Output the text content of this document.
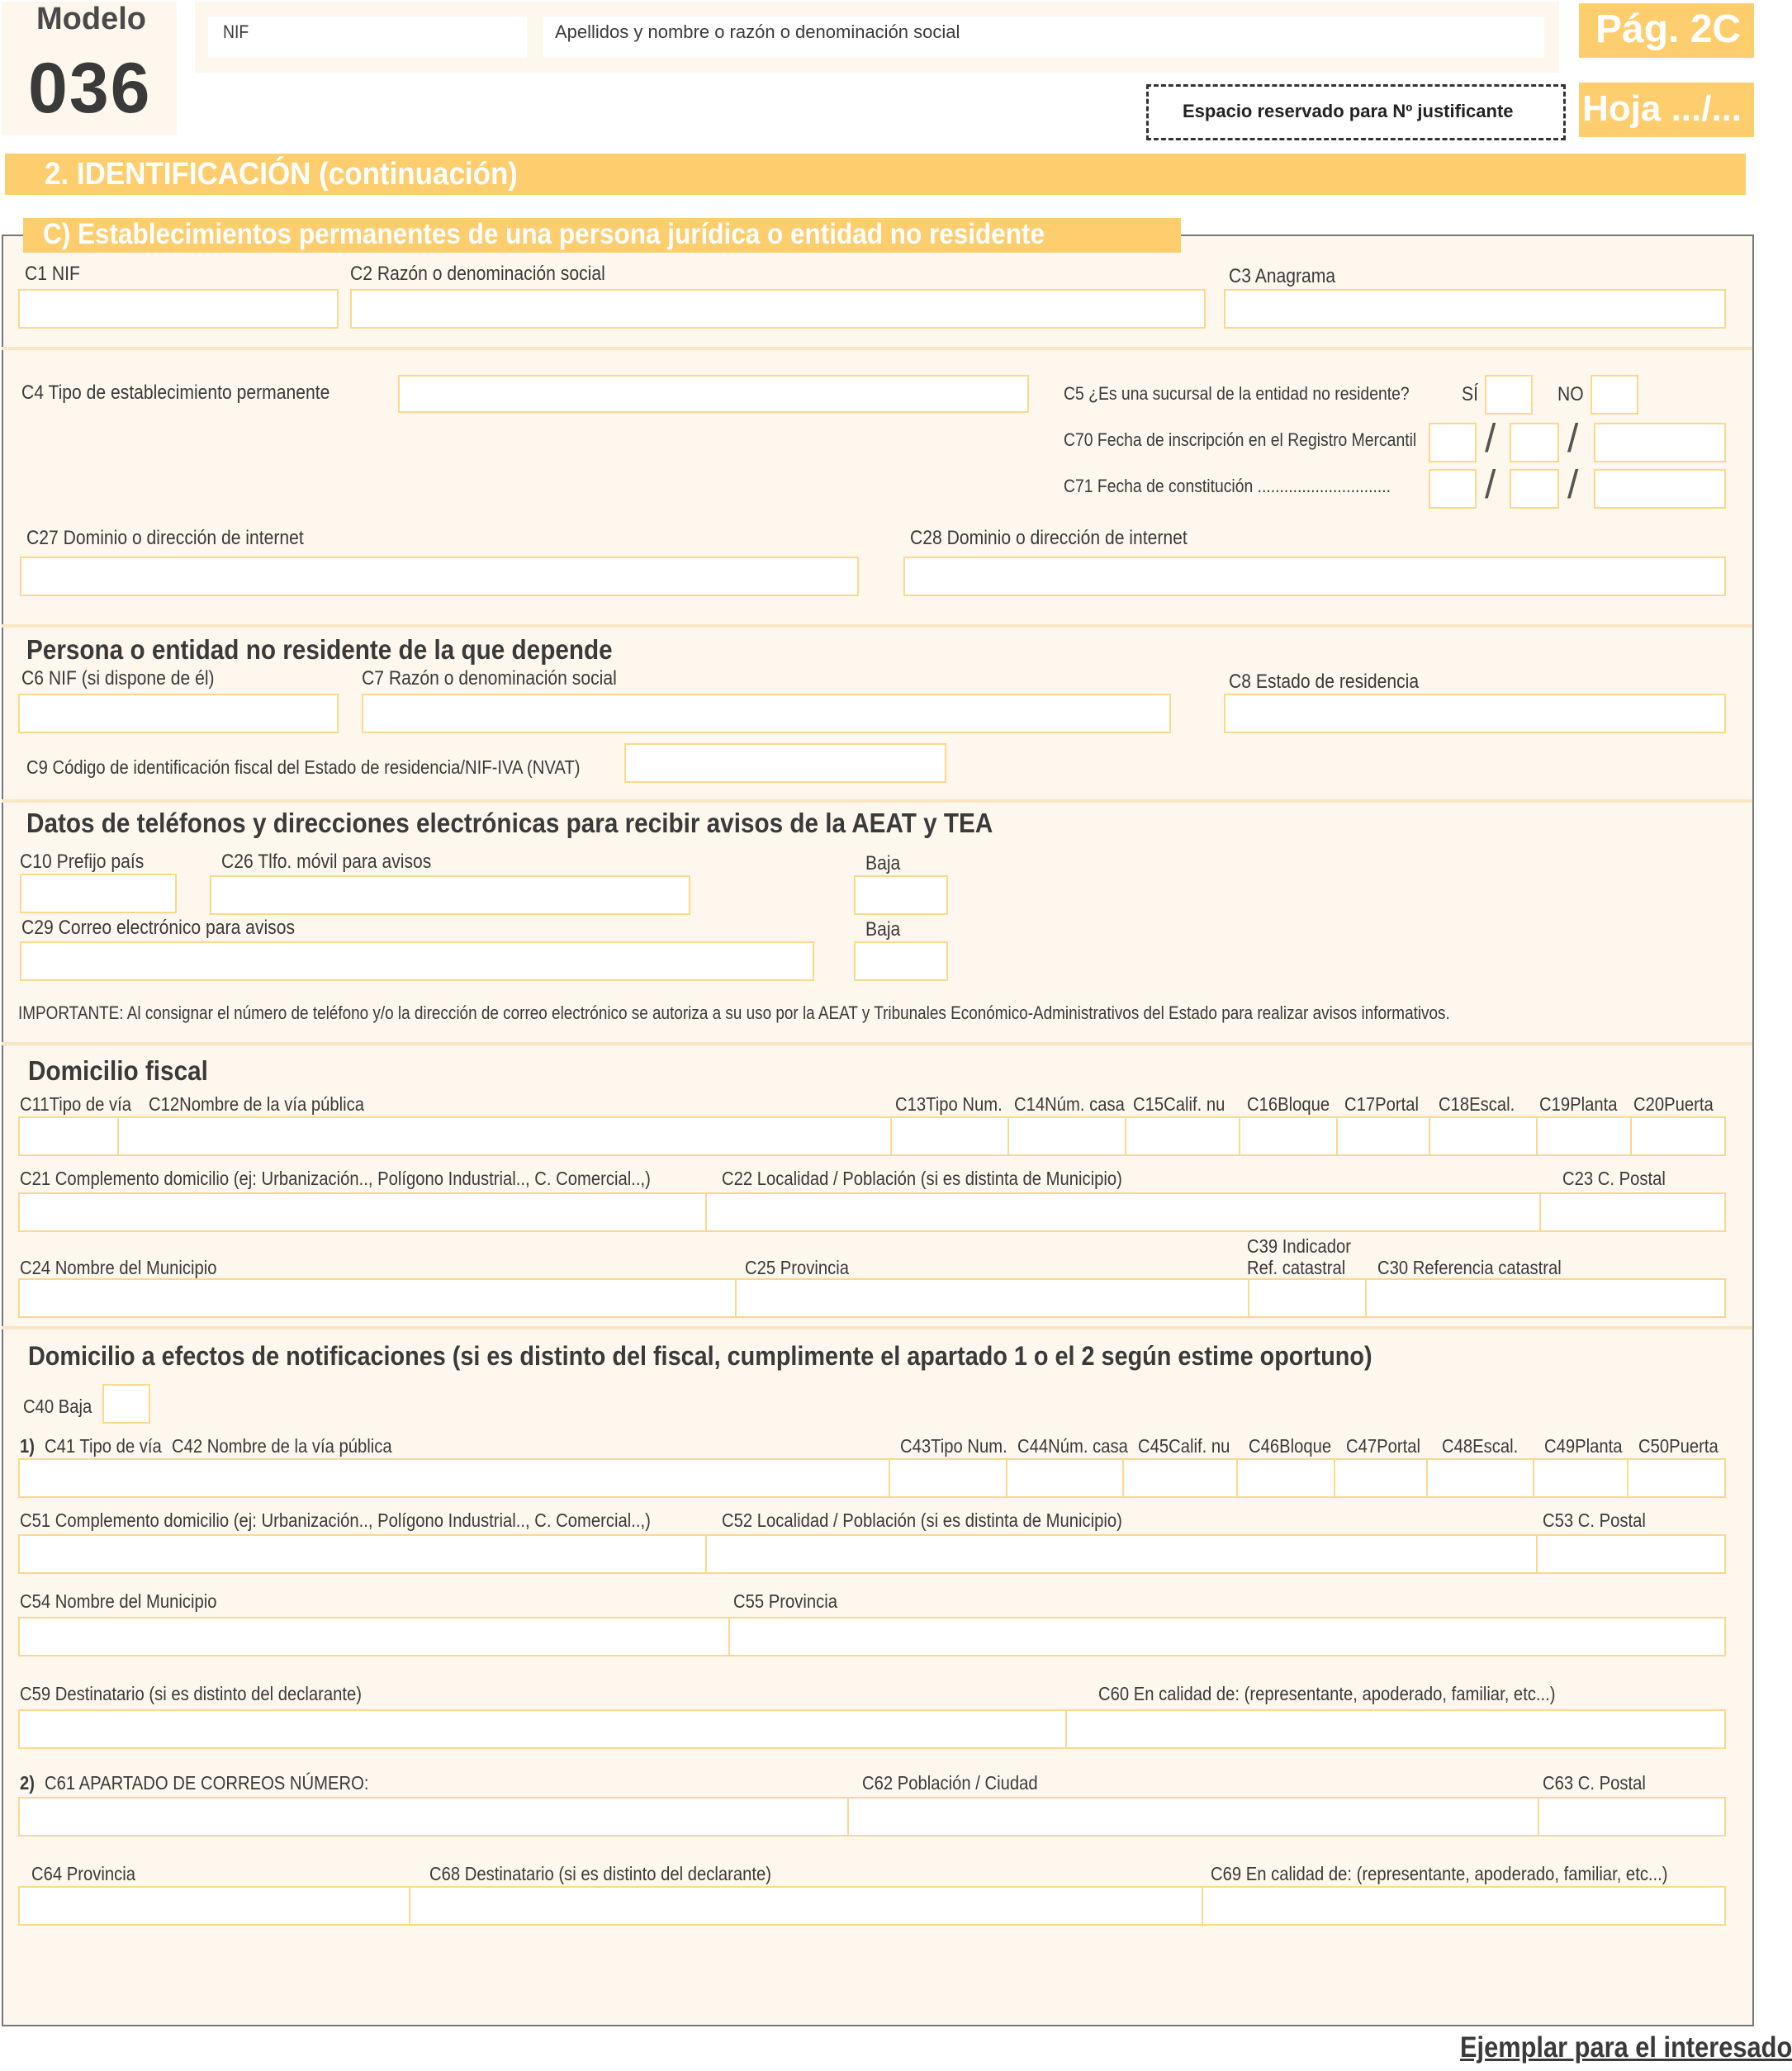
Modelo
036
NIF	Apellidos y nombre o razón o denominación social	Pág. 2C
Hoja .../...
Espacio reservado para Nº justificante
2. IDENTIFICACIÓN (continuación)
C) Establecimientos permanentes de una persona jurídica o entidad no residente
C1 NIF	C2 Razón o denominación social	C3 Anagrama
C4 Tipo de establecimiento permanente	C5 ¿Es una sucursal de la entidad no residente?	SÍ	NO
C70 Fecha de inscripción en el Registro Mercantil / /
C71 Fecha de constitución .............................. / /
C27 Dominio o dirección de internet	C28 Dominio o dirección de internet
Persona o entidad no residente de la que depende
C6 NIF (si dispone de él)	C7 Razón o denominación social	C8 Estado de residencia
C9 Código de identificación fiscal del Estado de residencia/NIF-IVA (NVAT)
Datos de teléfonos y direcciones electrónicas para recibir avisos de la AEAT y TEA
C10 Prefijo país	C26 Tlfo. móvil para avisos	Baja
C29 Correo electrónico para avisos	Baja
IMPORTANTE: Al consignar el número de teléfono y/o la dirección de correo electrónico se autoriza a su uso por la AEAT y Tribunales Económico-Administrativos del Estado para realizar avisos informativos.
Domicilio fiscal
C11Tipo de vía C12Nombre de la vía pública	C13Tipo Num. C14Núm. casa C15Calif. nu C16Bloque C17Portal C18Escal. C19Planta C20Puerta
C21 Complemento domicilio (ej: Urbanización.., Polígono Industrial.., C. Comercial..,)	C22 Localidad / Población (si es distinta de Municipio)	C23 C. Postal
C39 Indicador
Ref. catastral
C24 Nombre del Municipio	C25 Provincia	C30 Referencia catastral
Domicilio a efectos de notificaciones (si es distinto del fiscal, cumplimente el apartado 1 o el 2 según estime oportuno)
C40 Baja
1) C41 Tipo de vía C42 Nombre de la vía pública	C43Tipo Num. C44Núm. casa C45Calif. nu C46Bloque C47Portal C48Escal. C49Planta C50Puerta
C51 Complemento domicilio (ej: Urbanización.., Polígono Industrial.., C. Comercial..,)	C52 Localidad / Población (si es distinta de Municipio)	C53 C. Postal
C54 Nombre del Municipio	C55 Provincia
C59 Destinatario (si es distinto del declarante)	C60 En calidad de: (representante, apoderado, familiar, etc...)
2) C61 APARTADO DE CORREOS NÚMERO:	C62 Población / Ciudad	C63 C. Postal
C64 Provincia	C68 Destinatario (si es distinto del declarante)	C69 En calidad de: (representante, apoderado, familiar, etc...)
Ejemplar para el interesado
